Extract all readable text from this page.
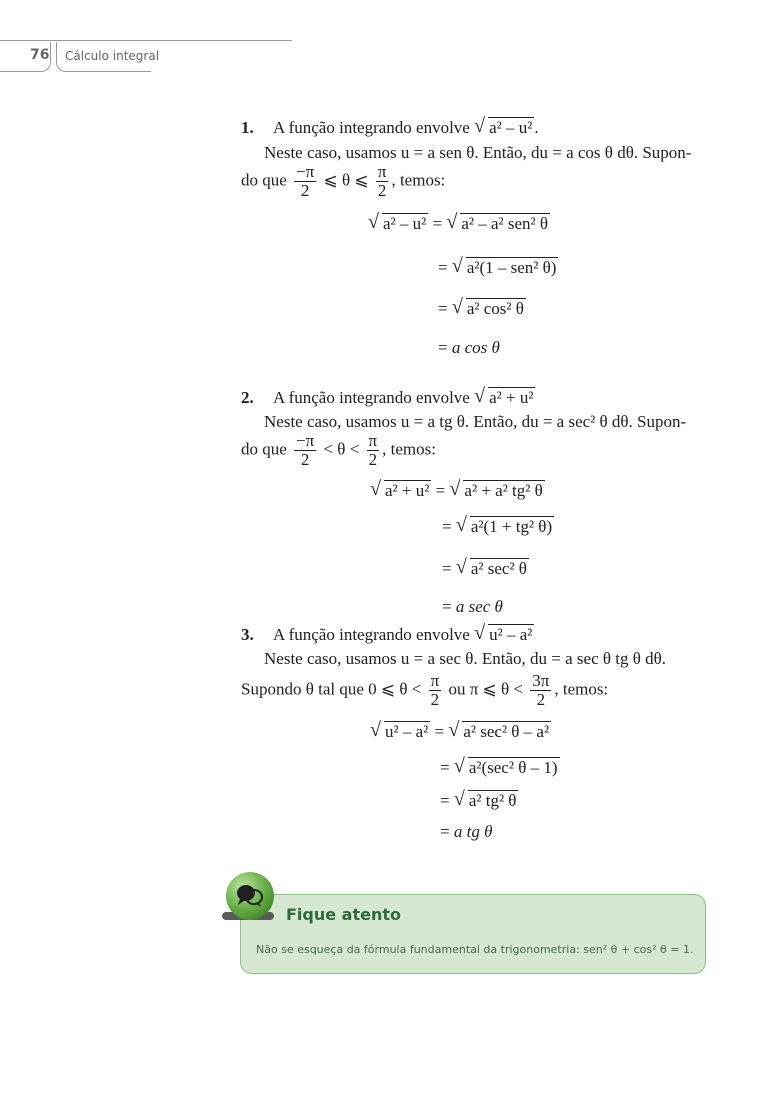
76 Cálculo integral
1. A função integrando envolve √ a² – u² .
Neste caso, usamos u = a sen θ. Então, du = a cos θ dθ. Supon-
do que $\frac{-\pi}{2}$ ⩽ θ ⩽ $\frac{\pi}{2}$ , temos:
√ a² – u² = √ a² – a² sen² θ
= √ a²(1 – sen² θ)
= √ a² cos² θ
= a cos θ
2. A função integrando envolve √ a² + u²
Neste caso, usamos u = a tg θ. Então, du = a sec² θ dθ. Supon-
do que $\frac{-\pi}{2} < \theta < \frac{\pi}{2}$ , temos:
√ a² + u² = √ a² + a² tg² θ
= √ a²(1 + tg² θ)
= √ a² sec² θ
= a sec θ
3. A função integrando envolve √ u² – a²
Neste caso, usamos u = a sec θ. Então, du = a sec θ tg θ dθ.
Supondo θ tal que 0 ⩽ $\theta < \frac{\pi}{2}$ ou π ⩽ $\theta < \frac{3\pi}{2}$ , temos:
√ u² – a² = √ a² sec² θ – a²
= √ a²(sec² θ – 1)
= √ a² tg² θ
= a tg θ
Fique atento
Não se esqueça da fórmula fundamental da trigonometria: sen² θ + cos² θ = 1.
